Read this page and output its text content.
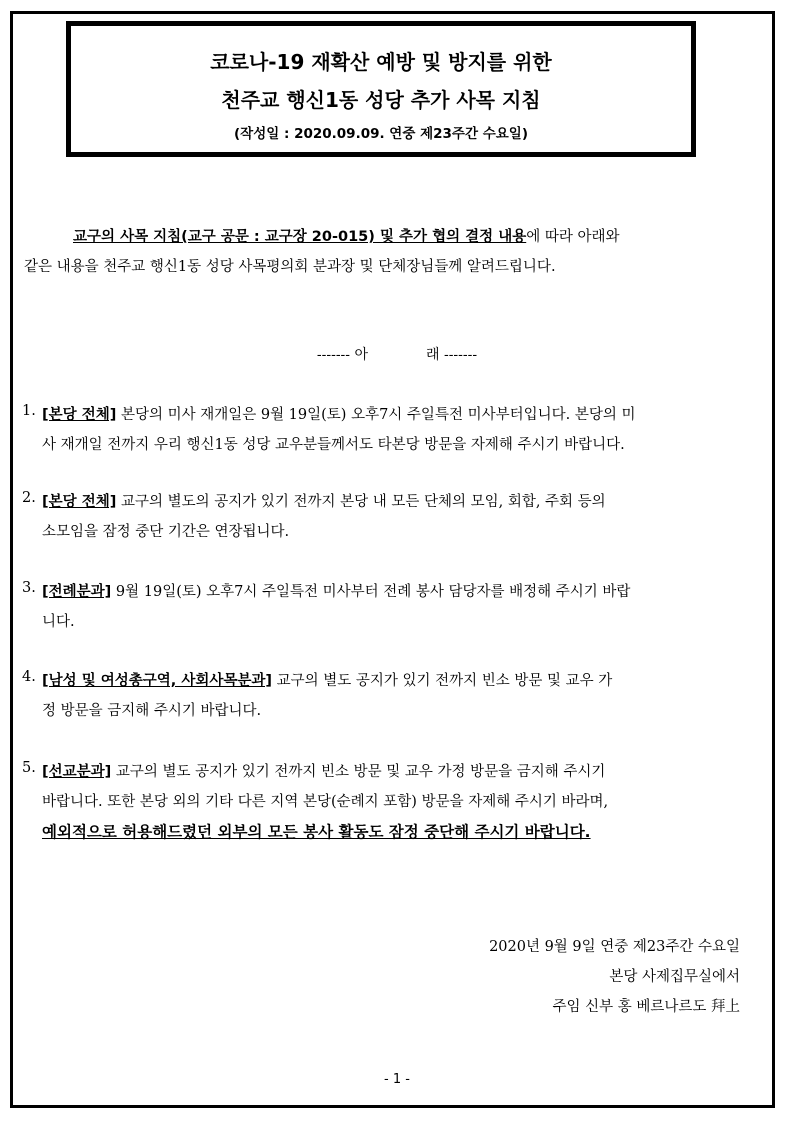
코로나-19 재확산 예방 및 방지를 위한
천주교 행신1동 성당 추가 사목 지침
(작성일 : 2020.09.09. 연중 제23주간 수요일)
교구의 사목 지침(교구 공문 : 교구장 20-015) 및 추가 협의 결정 내용에 따라 아래와
같은 내용을 천주교 행신1동 성당 사목평의회 분과장 및 단체장님들께 알려드립니다.
------- 아	래 -------
1. [본당 전체] 본당의 미사 재개일은 9월 19일(토) 오후7시 주일특전 미사부터입니다. 본당의 미
사 재개일 전까지 우리 행신1동 성당 교우분들께서도 타본당 방문을 자제해 주시기 바랍니다.
2. [본당 전체] 교구의 별도의 공지가 있기 전까지 본당 내 모든 단체의 모임, 회합, 주회 등의
소모임을 잠정 중단 기간은 연장됩니다.
3. [전례분과] 9월 19일(토) 오후7시 주일특전 미사부터 전례 봉사 담당자를 배정해 주시기 바랍
니다.
4. [남성 및 여성총구역, 사회사목분과] 교구의 별도 공지가 있기 전까지 빈소 방문 및 교우 가
정 방문을 금지해 주시기 바랍니다.
5. [선교분과] 교구의 별도 공지가 있기 전까지 빈소 방문 및 교우 가정 방문을 금지해 주시기
바랍니다. 또한 본당 외의 기타 다른 지역 본당(순례지 포함) 방문을 자제해 주시기 바라며,
예외적으로 허용해드렸던 외부의 모든 봉사 활동도 잠정 중단해 주시기 바랍니다.
2020년 9월 9일 연중 제23주간 수요일
본당 사제집무실에서
주임 신부 홍 베르나르도 拜上
- 1 -
